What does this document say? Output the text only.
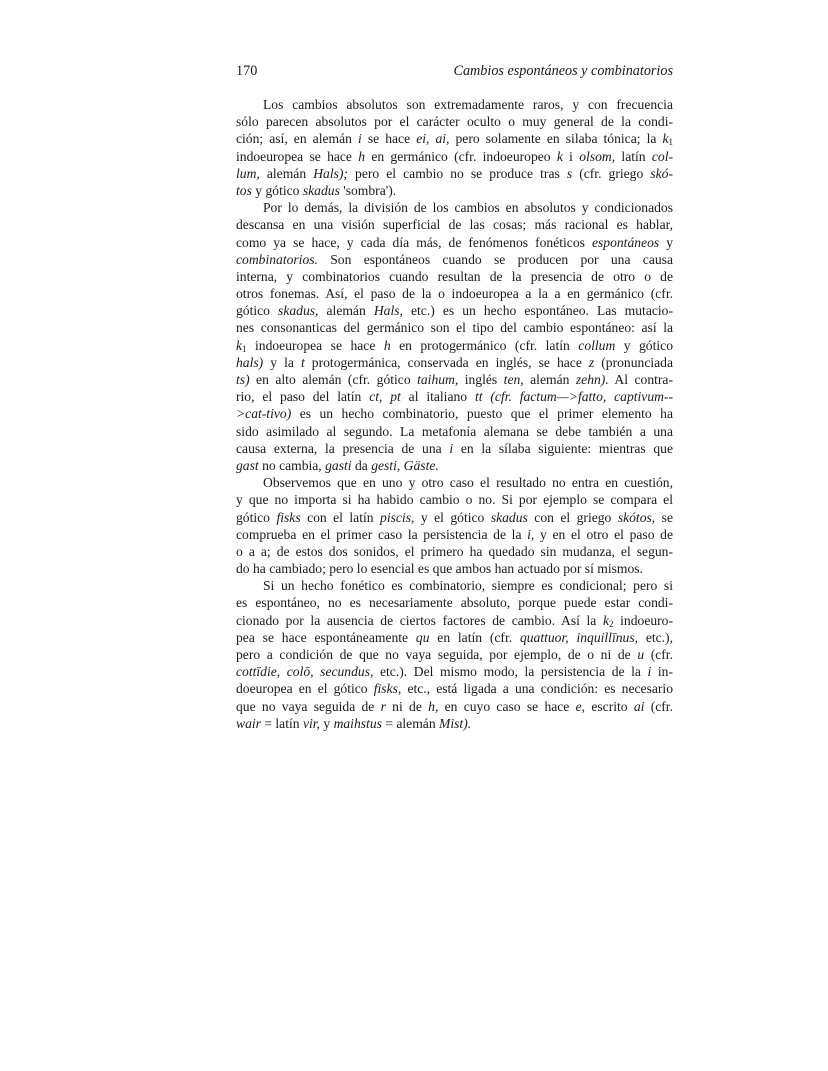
170	Cambios espontáneos y combinatorios
Los cambios absolutos son extremadamente raros, y con frecuencia
sólo parecen absolutos por el carácter oculto o muy general de la condi-
ción; así, en alemán i se hace ei, ai, pero solamente en silaba tónica; la $k_1$
indoeuropea se hace h en germánico (cfr. indoeuropeo k i olsom, latín col-
lum, alemán Hals); pero el cambio no se produce tras s (cfr. griego skó-
tos y gótico skadus 'sombra').
Por lo demás, la división de los cambios en absolutos y condicionados
descansa en una visión superficial de las cosas; más racional es hablar,
como ya se hace, y cada día más, de fenómenos fonéticos espontáneos y
combinatorios. Son espontáneos cuando se producen por una causa
interna, y combinatorios cuando resultan de la presencia de otro o de
otros fonemas. Así, el paso de la o indoeuropea a la a en germánico (cfr.
gótico skadus, alemán Hals, etc.) es un hecho espontáneo. Las mutacio-
nes consonanticas del germánico son el tipo del cambio espontáneo: así la
$k_1$ indoeuropea se hace h en protogermánico (cfr. latín collum y gótico
hals) y la t protogermánica, conservada en inglés, se hace z (pronunciada
ts) en alto alemán (cfr. gótico taihum, inglés ten, alemán zehn). Al contra-
rio, el paso del latín ct, pt al italiano tt (cfr. factum—>fatto, captivum--
>cat-tivo) es un hecho combinatorio, puesto que el primer elemento ha
sido asimilado al segundo. La metafonía alemana se debe también a una
causa externa, la presencia de una i en la sílaba siguiente: mientras que
gast no cambia, gasti da gesti, Gäste.
Observemos que en uno y otro caso el resultado no entra en cuestión,
y que no importa si ha habido cambio o no. Si por ejemplo se compara el
gótico fisks con el latín piscis, y el gótico skadus con el griego skótos, se
comprueba en el primer caso la persistencia de la i, y en el otro el paso de
o a a; de estos dos sonidos, el primero ha quedado sin mudanza, el segun-
do ha cambiado; pero lo esencial es que ambos han actuado por sí mismos.
Si un hecho fonético es combinatorio, siempre es condicional; pero si
es espontáneo, no es necesariamente absoluto, porque puede estar condi-
cionado por la ausencia de ciertos factores de cambio. Así la $k_2$ indoeuro-
pea se hace espontáneamente qu en latín (cfr. quattuor, inquillīnus, etc.),
pero a condición de que no vaya seguida, por ejemplo, de o ni de u (cfr.
cottīdie, colō, secundus, etc.). Del mismo modo, la persistencia de la i in-
doeuropea en el gótico fisks, etc., está ligada a una condición: es necesario
que no vaya seguida de r ni de h, en cuyo caso se hace e, escrito ai (cfr.
wair = latín vir, y maihstus = alemán Mist).
